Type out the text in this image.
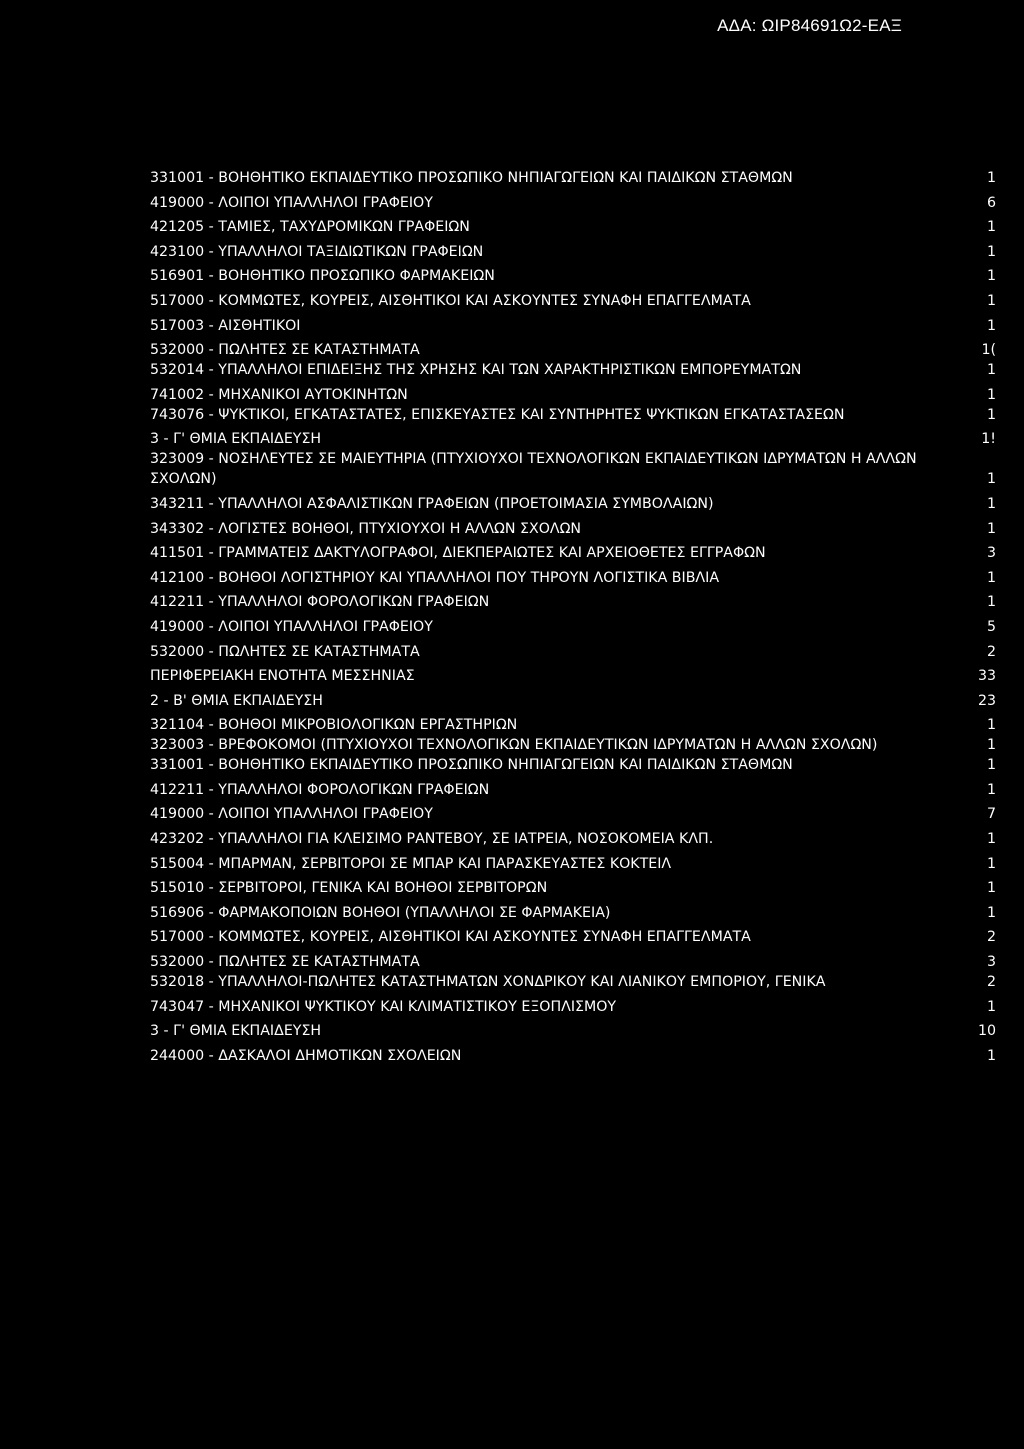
ΑΔΑ: ΩΙΡ84691Ω2-ΕΑΞ
331001 - ΒΟΗΘΗΤΙΚΟ ΕΚΠΑΙΔΕΥΤΙΚΟ ΠΡΟΣΩΠΙΚΟ ΝΗΠΙΑΓΩΓΕΙΩΝ ΚΑΙ ΠΑΙΔΙΚΩΝ ΣΤΑΘΜΩΝ	1
419000 - ΛΟΙΠΟΙ ΥΠΑΛΛΗΛΟΙ ΓΡΑΦΕΙΟΥ	6
421205 - ΤΑΜΙΕΣ, ΤΑΧΥΔΡΟΜΙΚΩΝ ΓΡΑΦΕΙΩΝ	1
423100 - ΥΠΑΛΛΗΛΟΙ ΤΑΞΙΔΙΩΤΙΚΩΝ ΓΡΑΦΕΙΩΝ	1
516901 - ΒΟΗΘΗΤΙΚΟ ΠΡΟΣΩΠΙΚΟ ΦΑΡΜΑΚΕΙΩΝ	1
517000 - ΚΟΜΜΩΤΕΣ, ΚΟΥΡΕΙΣ, ΑΙΣΘΗΤΙΚΟΙ ΚΑΙ ΑΣΚΟΥΝΤΕΣ ΣΥΝΑΦΗ ΕΠΑΓΓΕΛΜΑΤΑ	1
517003 - ΑΙΣΘΗΤΙΚΟΙ	1
532000 - ΠΩΛΗΤΕΣ ΣΕ ΚΑΤΑΣΤΗΜΑΤΑ	1(
532014 - ΥΠΑΛΛΗΛΟΙ ΕΠΙΔΕΙΞΗΣ ΤΗΣ ΧΡΗΣΗΣ ΚΑΙ ΤΩΝ ΧΑΡΑΚΤΗΡΙΣΤΙΚΩΝ ΕΜΠΟΡΕΥΜΑΤΩΝ	1
741002 - ΜΗΧΑΝΙΚΟΙ ΑΥΤΟΚΙΝΗΤΩΝ	1
743076 - ΨΥΚΤΙΚΟΙ, ΕΓΚΑΤΑΣΤΑΤΕΣ, ΕΠΙΣΚΕΥΑΣΤΕΣ ΚΑΙ ΣΥΝΤΗΡΗΤΕΣ ΨΥΚΤΙΚΩΝ ΕΓΚΑΤΑΣΤΑΣΕΩΝ	1
3 - Γ' ΘΜΙΑ ΕΚΠΑΙΔΕΥΣΗ	1!
323009 - ΝΟΣΗΛΕΥΤΕΣ ΣΕ ΜΑΙΕΥΤΗΡΙΑ (ΠΤΥΧΙΟΥΧΟΙ ΤΕΧΝΟΛΟΓΙΚΩΝ ΕΚΠΑΙΔΕΥΤΙΚΩΝ ΙΔΡΥΜΑΤΩΝ Η ΑΛΛΩΝ ΣΧΟΛΩΝ)	1
343211 - ΥΠΑΛΛΗΛΟΙ ΑΣΦΑΛΙΣΤΙΚΩΝ ΓΡΑΦΕΙΩΝ (ΠΡΟΕΤΟΙΜΑΣΙΑ ΣΥΜΒΟΛΑΙΩΝ)	1
343302 - ΛΟΓΙΣΤΕΣ ΒΟΗΘΟΙ, ΠΤΥΧΙΟΥΧΟΙ Η ΑΛΛΩΝ ΣΧΟΛΩΝ	1
411501 - ΓΡΑΜΜΑΤΕΙΣ ΔΑΚΤΥΛΟΓΡΑΦΟΙ, ΔΙΕΚΠΕΡΑΙΩΤΕΣ ΚΑΙ ΑΡΧΕΙΟΘΕΤΕΣ ΕΓΓΡΑΦΩΝ	3
412100 - ΒΟΗΘΟΙ ΛΟΓΙΣΤΗΡΙΟΥ ΚΑΙ ΥΠΑΛΛΗΛΟΙ ΠΟΥ ΤΗΡΟΥΝ ΛΟΓΙΣΤΙΚΑ ΒΙΒΛΙΑ	1
412211 - ΥΠΑΛΛΗΛΟΙ ΦΟΡΟΛΟΓΙΚΩΝ ΓΡΑΦΕΙΩΝ	1
419000 - ΛΟΙΠΟΙ ΥΠΑΛΛΗΛΟΙ ΓΡΑΦΕΙΟΥ	5
532000 - ΠΩΛΗΤΕΣ ΣΕ ΚΑΤΑΣΤΗΜΑΤΑ	2
ΠΕΡΙΦΕΡΕΙΑΚΗ ΕΝΟΤΗΤΑ ΜΕΣΣΗΝΙΑΣ	33
2 - Β' ΘΜΙΑ ΕΚΠΑΙΔΕΥΣΗ	23
321104 - ΒΟΗΘΟΙ ΜΙΚΡΟΒΙΟΛΟΓΙΚΩΝ ΕΡΓΑΣΤΗΡΙΩΝ	1
323003 - ΒΡΕΦΟΚΟΜΟΙ (ΠΤΥΧΙΟΥΧΟΙ ΤΕΧΝΟΛΟΓΙΚΩΝ ΕΚΠΑΙΔΕΥΤΙΚΩΝ ΙΔΡΥΜΑΤΩΝ Η ΑΛΛΩΝ ΣΧΟΛΩΝ)	1
331001 - ΒΟΗΘΗΤΙΚΟ ΕΚΠΑΙΔΕΥΤΙΚΟ ΠΡΟΣΩΠΙΚΟ ΝΗΠΙΑΓΩΓΕΙΩΝ ΚΑΙ ΠΑΙΔΙΚΩΝ ΣΤΑΘΜΩΝ	1
412211 - ΥΠΑΛΛΗΛΟΙ ΦΟΡΟΛΟΓΙΚΩΝ ΓΡΑΦΕΙΩΝ	1
419000 - ΛΟΙΠΟΙ ΥΠΑΛΛΗΛΟΙ ΓΡΑΦΕΙΟΥ	7
423202 - ΥΠΑΛΛΗΛΟΙ ΓΙΑ ΚΛΕΙΣΙΜΟ ΡΑΝΤΕΒΟΥ, ΣΕ ΙΑΤΡΕΙΑ, ΝΟΣΟΚΟΜΕΙΑ ΚΛΠ.	1
515004 - ΜΠΑΡΜΑΝ, ΣΕΡΒΙΤΟΡΟΙ ΣΕ ΜΠΑΡ ΚΑΙ ΠΑΡΑΣΚΕΥΑΣΤΕΣ ΚΟΚΤΕΙΛ	1
515010 - ΣΕΡΒΙΤΟΡΟΙ, ΓΕΝΙΚΑ ΚΑΙ ΒΟΗΘΟΙ ΣΕΡΒΙΤΟΡΩΝ	1
516906 - ΦΑΡΜΑΚΟΠΟΙΩΝ ΒΟΗΘΟΙ (ΥΠΑΛΛΗΛΟΙ ΣΕ ΦΑΡΜΑΚΕΙΑ)	1
517000 - ΚΟΜΜΩΤΕΣ, ΚΟΥΡΕΙΣ, ΑΙΣΘΗΤΙΚΟΙ ΚΑΙ ΑΣΚΟΥΝΤΕΣ ΣΥΝΑΦΗ ΕΠΑΓΓΕΛΜΑΤΑ	2
532000 - ΠΩΛΗΤΕΣ ΣΕ ΚΑΤΑΣΤΗΜΑΤΑ	3
532018 - ΥΠΑΛΛΗΛΟΙ-ΠΩΛΗΤΕΣ ΚΑΤΑΣΤΗΜΑΤΩΝ ΧΟΝΔΡΙΚΟΥ ΚΑΙ ΛΙΑΝΙΚΟΥ ΕΜΠΟΡΙΟΥ, ΓΕΝΙΚΑ	2
743047 - ΜΗΧΑΝΙΚΟΙ ΨΥΚΤΙΚΟΥ ΚΑΙ ΚΛΙΜΑΤΙΣΤΙΚΟΥ ΕΞΟΠΛΙΣΜΟΥ	1
3 - Γ' ΘΜΙΑ ΕΚΠΑΙΔΕΥΣΗ	10
244000 - ΔΑΣΚΑΛΟΙ ΔΗΜΟΤΙΚΩΝ ΣΧΟΛΕΙΩΝ	1
